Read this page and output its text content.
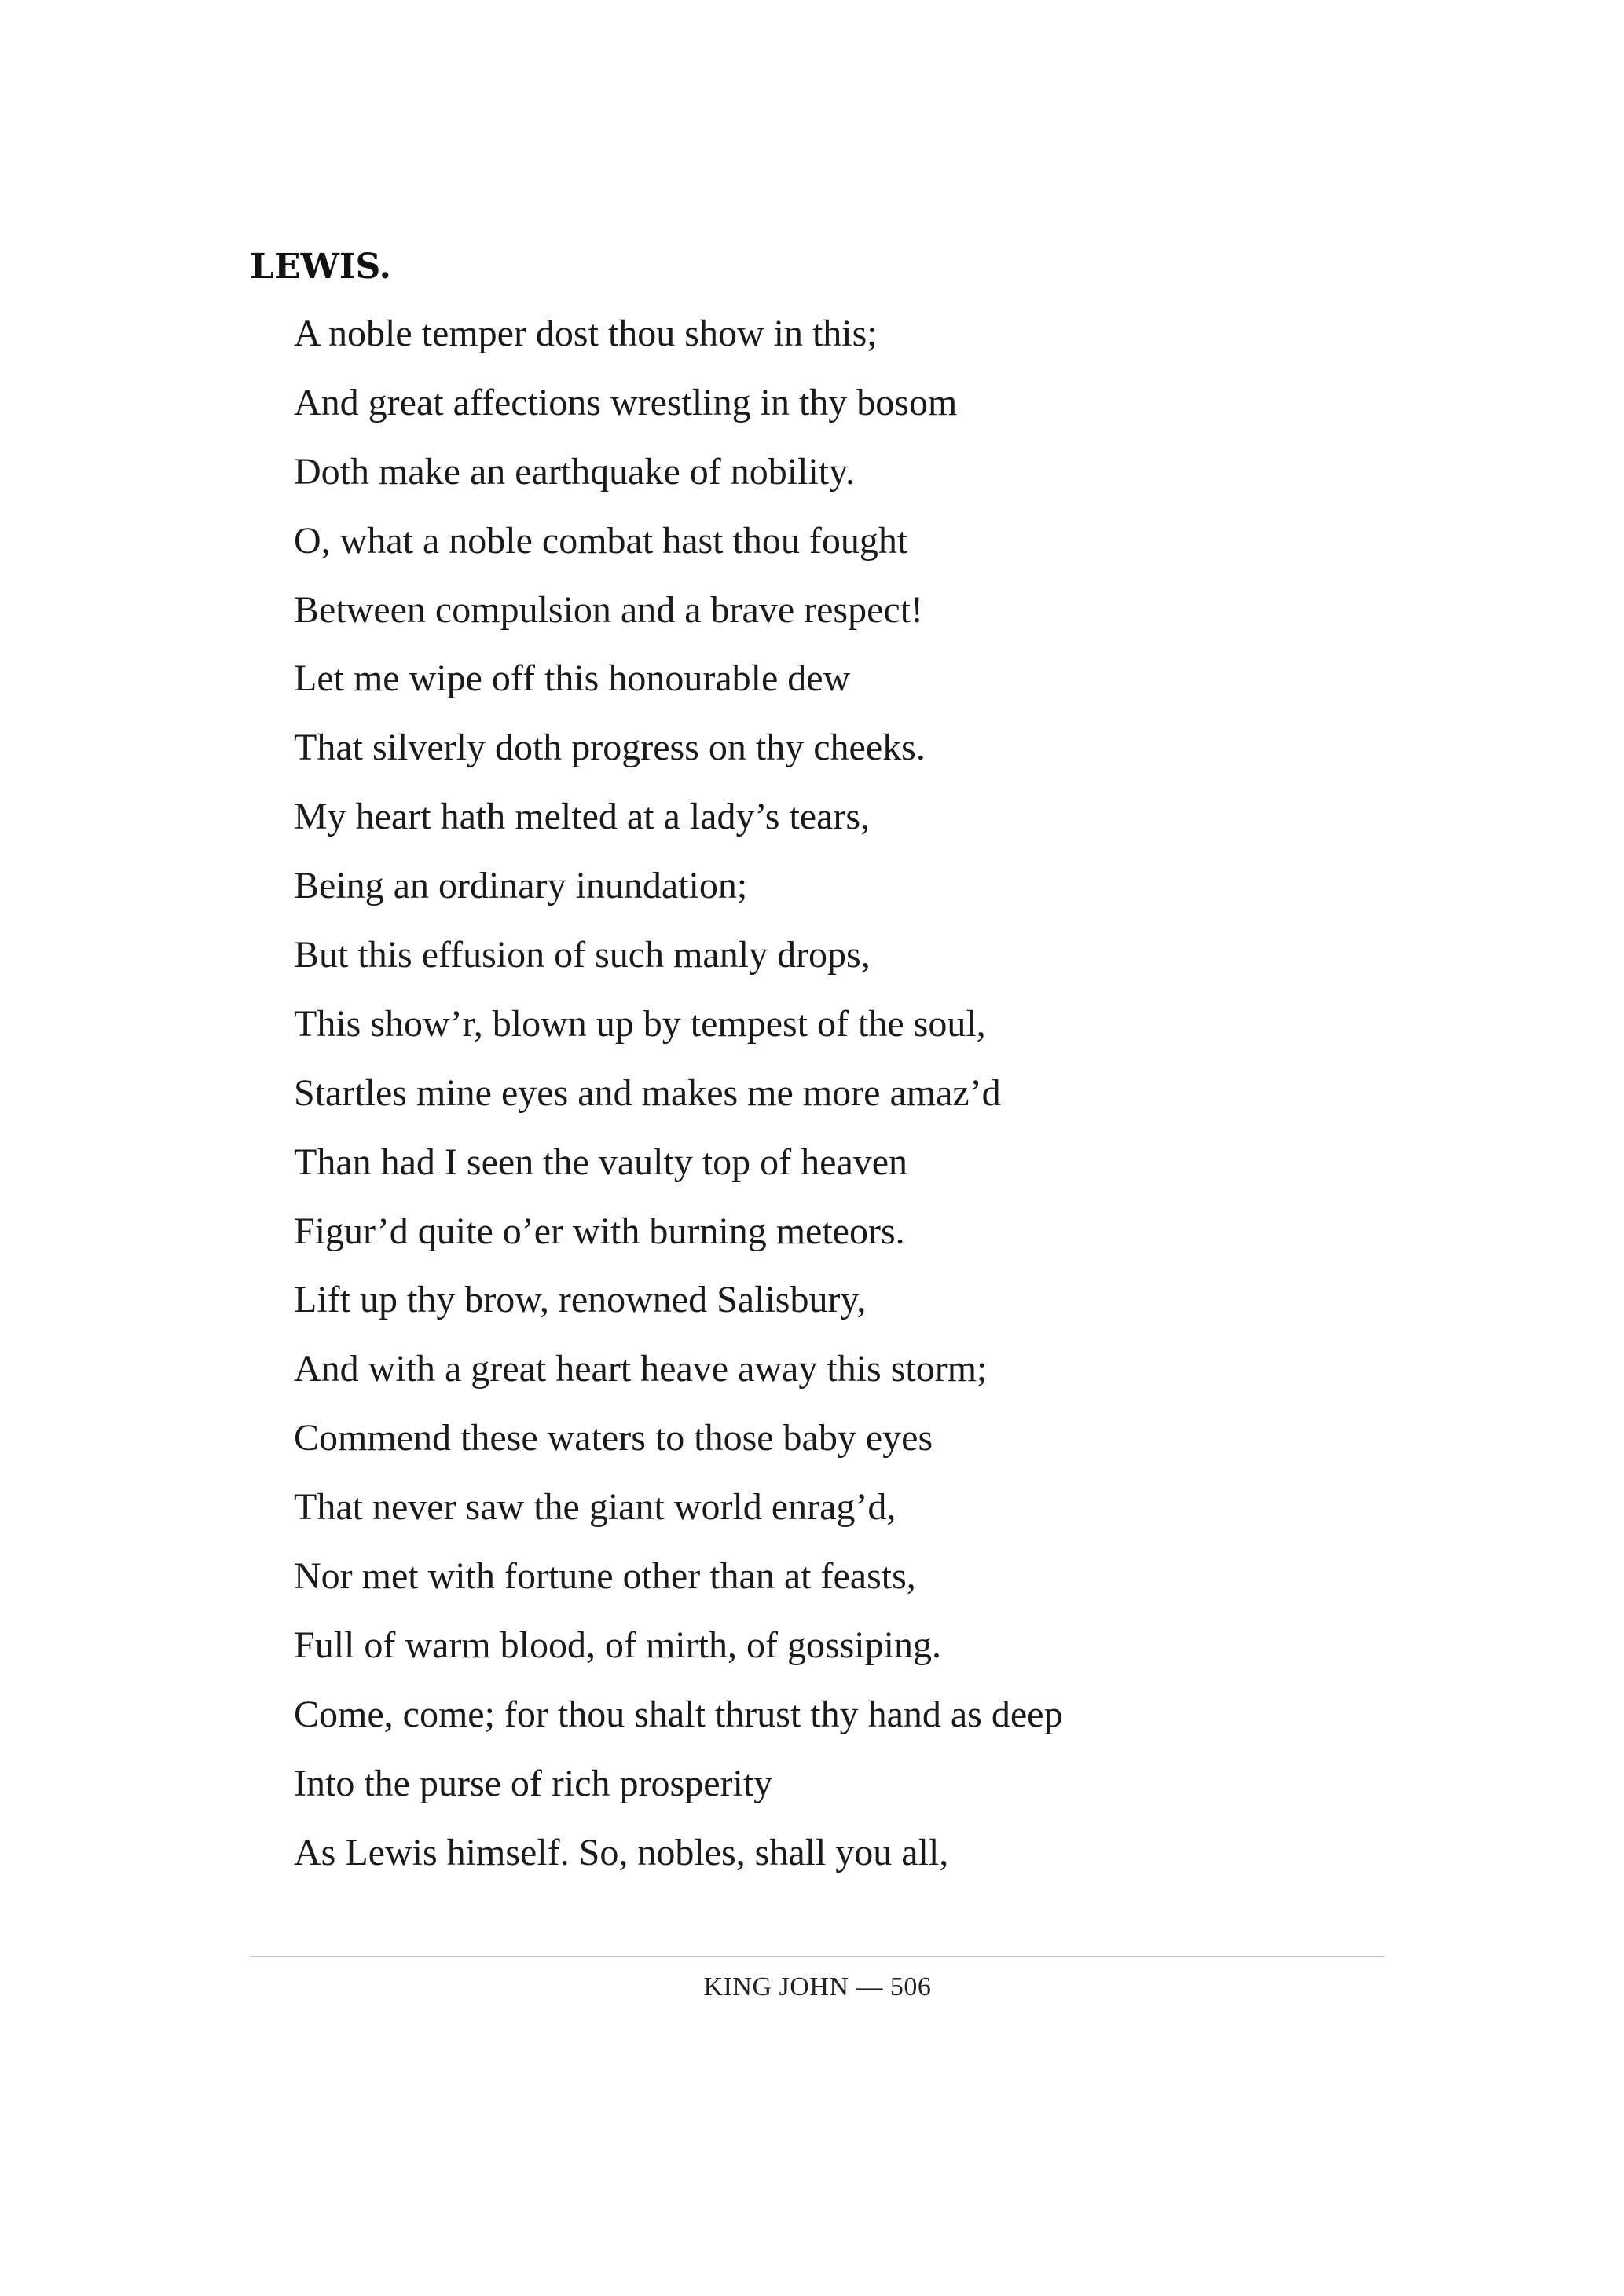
LEWIS.

A noble temper dost thou show in this;
And great affections wrestling in thy bosom
Doth make an earthquake of nobility.
O, what a noble combat hast thou fought
Between compulsion and a brave respect!
Let me wipe off this honourable dew
That silverly doth progress on thy cheeks.
My heart hath melted at a lady’s tears,
Being an ordinary inundation;
But this effusion of such manly drops,
This show’r, blown up by tempest of the soul,
Startles mine eyes and makes me more amaz’d
Than had I seen the vaulty top of heaven
Figur’d quite o’er with burning meteors.
Lift up thy brow, renowned Salisbury,
And with a great heart heave away this storm;
Commend these waters to those baby eyes
That never saw the giant world enrag’d,
Nor met with fortune other than at feasts,
Full of warm blood, of mirth, of gossiping.
Come, come; for thou shalt thrust thy hand as deep
Into the purse of rich prosperity
As Lewis himself. So, nobles, shall you all,
KING JOHN — 506
